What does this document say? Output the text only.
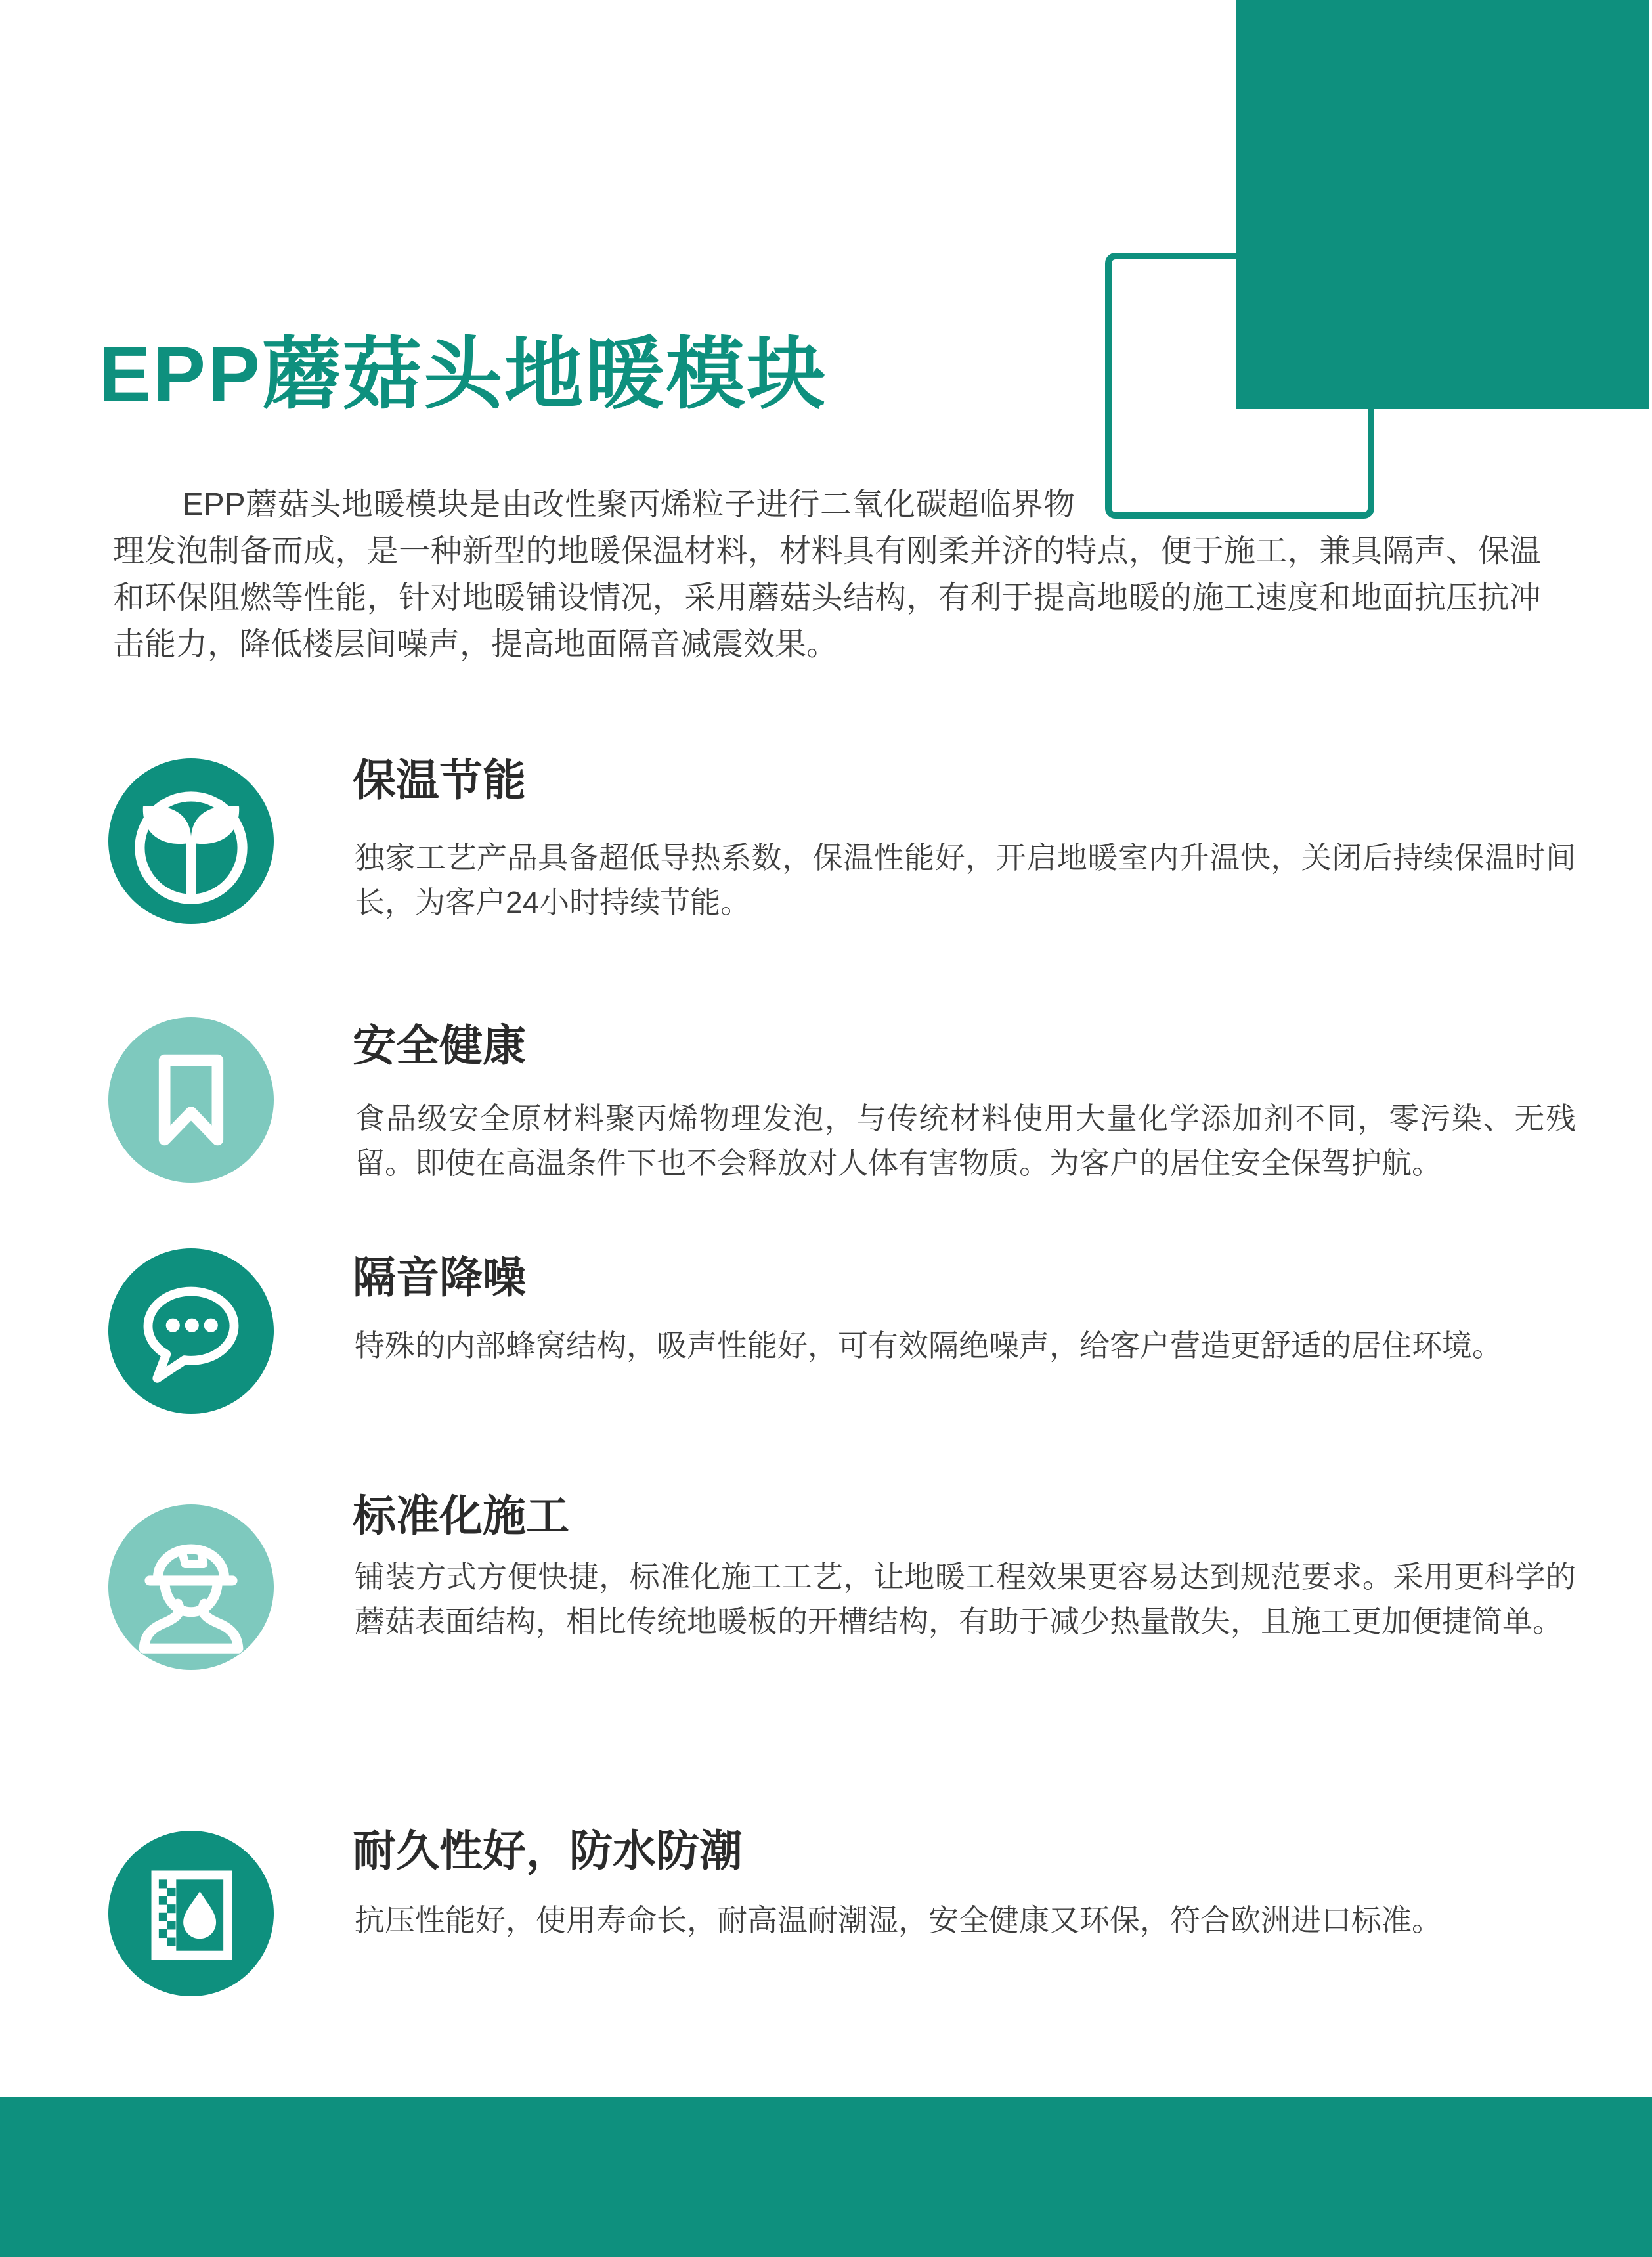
EPP蘑菇头地暖模块

EPP蘑菇头地暖模块是由改性聚丙烯粒子进行二氧化碳超临界物理发泡制备而成，是一种新型的地暖保温材料，材料具有刚柔并济的特点，便于施工，兼具隔声、保温和环保阻燃等性能，针对地暖铺设情况，采用蘑菇头结构，有利于提高地暖的施工速度和地面抗压抗冲击能力，降低楼层间噪声，提高地面隔音减震效果。

保温节能

独家工艺产品具备超低导热系数，保温性能好，开启地暖室内升温快，关闭后持续保温时间长，为客户24小时持续节能。

安全健康

食品级安全原材料聚丙烯物理发泡，与传统材料使用大量化学添加剂不同，零污染、无残留。即使在高温条件下也不会释放对人体有害物质。为客户的居住安全保驾护航。

隔音降噪

特殊的内部蜂窝结构，吸声性能好，可有效隔绝噪声，给客户营造更舒适的居住环境。

标准化施工

铺装方式方便快捷，标准化施工工艺，让地暖工程效果更容易达到规范要求。采用更科学的蘑菇表面结构，相比传统地暖板的开槽结构，有助于减少热量散失，且施工更加便捷简单。

耐久性好，防水防潮

抗压性能好，使用寿命长，耐高温耐潮湿，安全健康又环保，符合欧洲进口标准。
